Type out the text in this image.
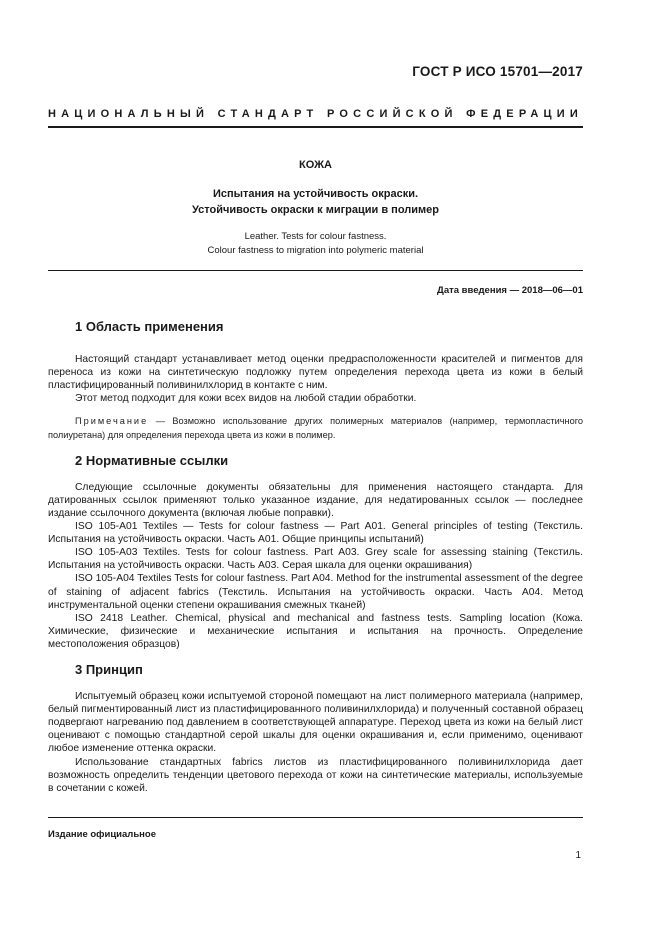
ГОСТ Р ИСО 15701—2017
НАЦИОНАЛЬНЫЙ СТАНДАРТ РОССИЙСКОЙ ФЕДЕРАЦИИ
КОЖА
Испытания на устойчивость окраски.
Устойчивость окраски к миграции в полимер
Leather. Tests for colour fastness.
Colour fastness to migration into polymeric material
Дата введения — 2018—06—01
1 Область применения

Настоящий стандарт устанавливает метод оценки предрасположенности красителей и пигментов для переноса из кожи на синтетическую подложку путем определения перехода цвета из кожи в белый пластифицированный поливинилхлорид в контакте с ним.

Этот метод подходит для кожи всех видов на любой стадии обработки.

Примечание — Возможно использование других полимерных материалов (например, термопластичного полиуретана) для определения перехода цвета из кожи в полимер.

2 Нормативные ссылки

Следующие ссылочные документы обязательны для применения настоящего стандарта. Для датированных ссылок применяют только указанное издание, для недатированных ссылок — последнее издание ссылочного документа (включая любые поправки).

ISO 105-A01 Textiles — Tests for colour fastness — Part A01. General principles of testing (Текстиль. Испытания на устойчивость окраски. Часть А01. Общие принципы испытаний)

ISO 105-A03 Textiles. Tests for colour fastness. Part A03. Grey scale for assessing staining (Текстиль. Испытания на устойчивость окраски. Часть А03. Серая шкала для оценки окрашивания)

ISO 105-A04 Textiles Tests for colour fastness. Part A04. Method for the instrumental assessment of the degree of staining of adjacent fabrics (Текстиль. Испытания на устойчивость окраски. Часть А04. Метод инструментальной оценки степени окрашивания смежных тканей)

ISO 2418 Leather. Chemical, physical and mechanical and fastness tests. Sampling location (Кожа. Химические, физические и механические испытания и испытания на прочность. Определение местоположения образцов)

3 Принцип

Испытуемый образец кожи испытуемой стороной помещают на лист полимерного материала (например, белый пигментированный лист из пластифицированного поливинилхлорида) и полученный составной образец подвергают нагреванию под давлением в соответствующей аппаратуре. Переход цвета из кожи на белый лист оценивают с помощью стандартной серой шкалы для оценки окрашивания и, если применимо, оценивают любое изменение оттенка окраски.

Использование стандартных fabrics листов из пластифицированного поливинилхлорида дает возможность определить тенденции цветового перехода от кожи на синтетические материалы, используемые в сочетании с кожей.

Издание официальное
1
